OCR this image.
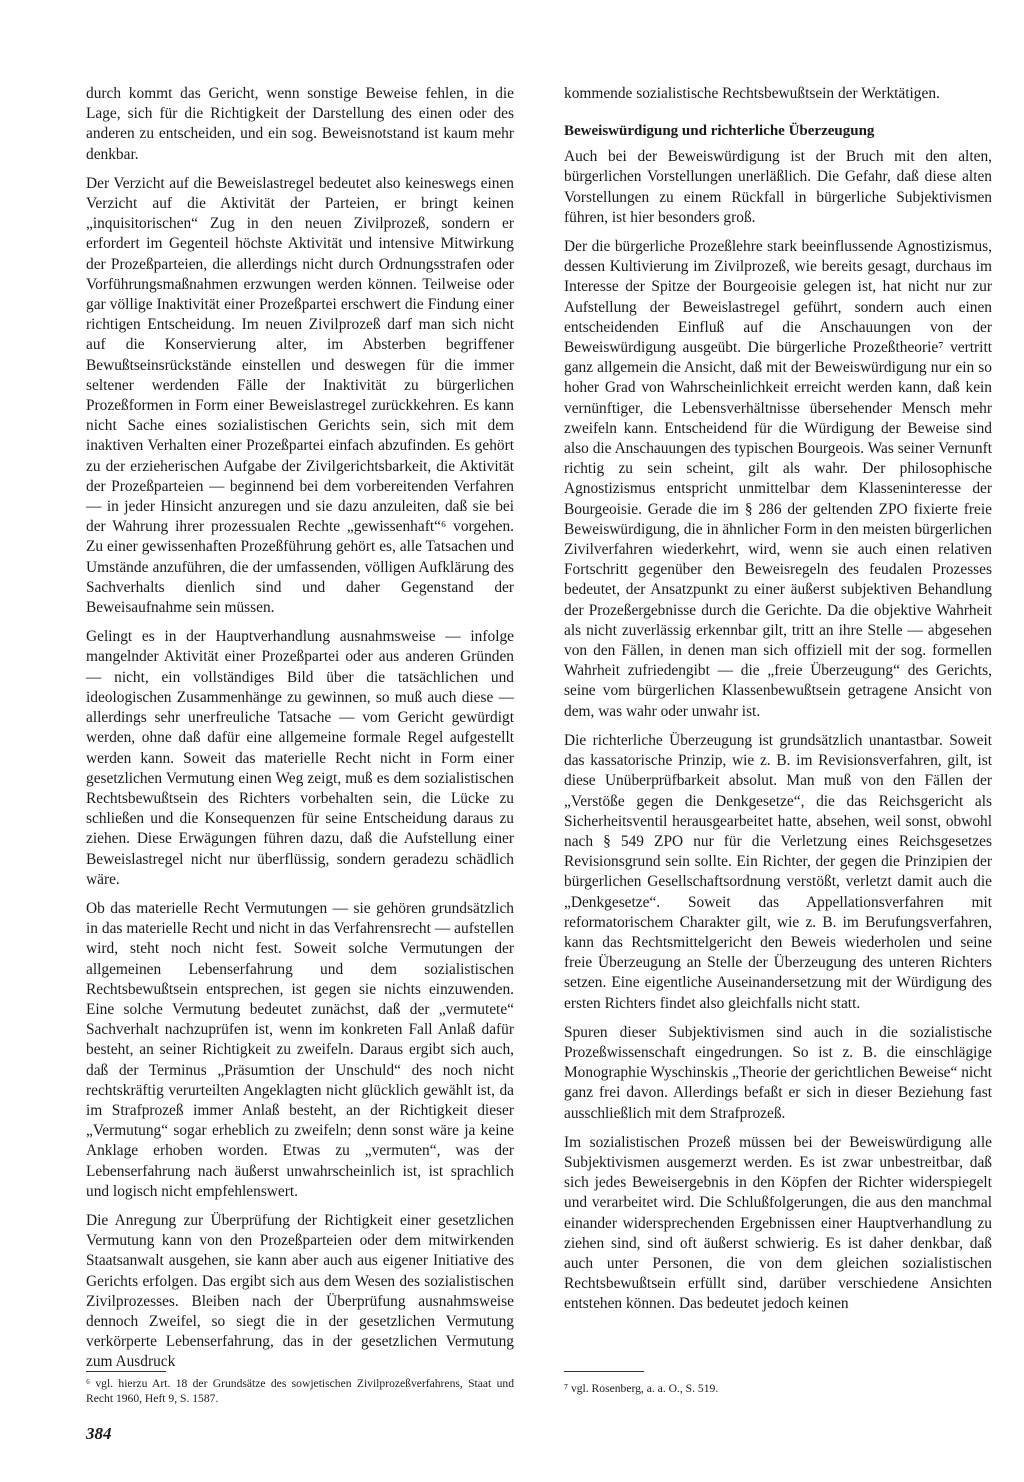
durch kommt das Gericht, wenn sonstige Beweise fehlen, in die Lage, sich für die Richtigkeit der Darstellung des einen oder des anderen zu entscheiden, und ein sog. Beweisnotstand ist kaum mehr denkbar.

Der Verzicht auf die Beweislastregel bedeutet also keineswegs einen Verzicht auf die Aktivität der Parteien, er bringt keinen „inquisitorischen“ Zug in den neuen Zivilprozeß, sondern er erfordert im Gegenteil höchste Aktivität und intensive Mitwirkung der Prozeßparteien, die allerdings nicht durch Ordnungsstrafen oder Vorführungsmaßnahmen erzwungen werden können. Teilweise oder gar völlige Inaktivität einer Prozeßpartei erschwert die Findung einer richtigen Entscheidung. Im neuen Zivilprozeß darf man sich nicht auf die Konservierung alter, im Absterben begriffener Bewußtseinsrückstände einstellen und deswegen für die immer seltener werdenden Fälle der Inaktivität zu bürgerlichen Prozeßformen in Form einer Beweislastregel zurückkehren. Es kann nicht Sache eines sozialistischen Gerichts sein, sich mit dem inaktiven Verhalten einer Prozeßpartei einfach abzufinden. Es gehört zu der erzieherischen Aufgabe der Zivilgerichtsbarkeit, die Aktivität der Prozeßparteien — beginnend bei dem vorbereitenden Verfahren — in jeder Hinsicht anzuregen und sie dazu anzuleiten, daß sie bei der Wahrung ihrer prozessualen Rechte „gewissenhaft“⁶ vorgehen. Zu einer gewissenhaften Prozeßführung gehört es, alle Tatsachen und Umstände anzuführen, die der umfassenden, völligen Aufklärung des Sachverhalts dienlich sind und daher Gegenstand der Beweisaufnahme sein müssen.

Gelingt es in der Hauptverhandlung ausnahmsweise — infolge mangelnder Aktivität einer Prozeßpartei oder aus anderen Gründen — nicht, ein vollständiges Bild über die tatsächlichen und ideologischen Zusammenhänge zu gewinnen, so muß auch diese — allerdings sehr unerfreuliche Tatsache — vom Gericht gewürdigt werden, ohne daß dafür eine allgemeine formale Regel aufgestellt werden kann. Soweit das materielle Recht nicht in Form einer gesetzlichen Vermutung einen Weg zeigt, muß es dem sozialistischen Rechtsbewußtsein des Richters vorbehalten sein, die Lücke zu schließen und die Konsequenzen für seine Entscheidung daraus zu ziehen. Diese Erwägungen führen dazu, daß die Aufstellung einer Beweislastregel nicht nur überflüssig, sondern geradezu schädlich wäre.

Ob das materielle Recht Vermutungen — sie gehören grundsätzlich in das materielle Recht und nicht in das Verfahrensrecht — aufstellen wird, steht noch nicht fest. Soweit solche Vermutungen der allgemeinen Lebenserfahrung und dem sozialistischen Rechtsbewußtsein entsprechen, ist gegen sie nichts einzuwenden. Eine solche Vermutung bedeutet zunächst, daß der „vermutete“ Sachverhalt nachzuprüfen ist, wenn im konkreten Fall Anlaß dafür besteht, an seiner Richtigkeit zu zweifeln. Daraus ergibt sich auch, daß der Terminus „Präsumtion der Unschuld“ des noch nicht rechtskräftig verurteilten Angeklagten nicht glücklich gewählt ist, da im Strafprozeß immer Anlaß besteht, an der Richtigkeit dieser „Vermutung“ sogar erheblich zu zweifeln; denn sonst wäre ja keine Anklage erhoben worden. Etwas zu „vermuten“, was der Lebenserfahrung nach äußerst unwahrscheinlich ist, ist sprachlich und logisch nicht empfehlenswert.

Die Anregung zur Überprüfung der Richtigkeit einer gesetzlichen Vermutung kann von den Prozeßparteien oder dem mitwirkenden Staatsanwalt ausgehen, sie kann aber auch aus eigener Initiative des Gerichts erfolgen. Das ergibt sich aus dem Wesen des sozialistischen Zivilprozesses. Bleiben nach der Überprüfung ausnahmsweise dennoch Zweifel, so siegt die in der gesetzlichen Vermutung verkörperte Lebenserfahrung, das in der gesetzlichen Vermutung zum Ausdruck

kommende sozialistische Rechtsbewußtsein der Werktätigen.

Beweiswürdigung und richterliche Überzeugung

Auch bei der Beweiswürdigung ist der Bruch mit den alten, bürgerlichen Vorstellungen unerläßlich. Die Gefahr, daß diese alten Vorstellungen zu einem Rückfall in bürgerliche Subjektivismen führen, ist hier besonders groß.

Der die bürgerliche Prozeßlehre stark beeinflussende Agnostizismus, dessen Kultivierung im Zivilprozeß, wie bereits gesagt, durchaus im Interesse der Spitze der Bourgeoisie gelegen ist, hat nicht nur zur Aufstellung der Beweislastregel geführt, sondern auch einen entscheidenden Einfluß auf die Anschauungen von der Beweiswürdigung ausgeübt. Die bürgerliche Prozeßtheorie⁷ vertritt ganz allgemein die Ansicht, daß mit der Beweiswürdigung nur ein so hoher Grad von Wahrscheinlichkeit erreicht werden kann, daß kein vernünftiger, die Lebensverhältnisse übersehender Mensch mehr zweifeln kann. Entscheidend für die Würdigung der Beweise sind also die Anschauungen des typischen Bourgeois. Was seiner Vernunft richtig zu sein scheint, gilt als wahr. Der philosophische Agnostizismus entspricht unmittelbar dem Klasseninteresse der Bourgeoisie. Gerade die im § 286 der geltenden ZPO fixierte freie Beweiswürdigung, die in ähnlicher Form in den meisten bürgerlichen Zivilverfahren wiederkehrt, wird, wenn sie auch einen relativen Fortschritt gegenüber den Beweisregeln des feudalen Prozesses bedeutet, der Ansatzpunkt zu einer äußerst subjektiven Behandlung der Prozeßergebnisse durch die Gerichte. Da die objektive Wahrheit als nicht zuverlässig erkennbar gilt, tritt an ihre Stelle — abgesehen von den Fällen, in denen man sich offiziell mit der sog. formellen Wahrheit zufriedengibt — die „freie Überzeugung“ des Gerichts, seine vom bürgerlichen Klassenbewußtsein getragene Ansicht von dem, was wahr oder unwahr ist.

Die richterliche Überzeugung ist grundsätzlich unantastbar. Soweit das kassatorische Prinzip, wie z. B. im Revisionsverfahren, gilt, ist diese Unüberprüfbarkeit absolut. Man muß von den Fällen der „Verstöße gegen die Denkgesetze“, die das Reichsgericht als Sicherheitsventil herausgearbeitet hatte, absehen, weil sonst, obwohl nach § 549 ZPO nur für die Verletzung eines Reichsgesetzes Revisionsgrund sein sollte. Ein Richter, der gegen die Prinzipien der bürgerlichen Gesellschaftsordnung verstößt, verletzt damit auch die „Denkgesetze“. Soweit das Appellationsverfahren mit reformatorischem Charakter gilt, wie z. B. im Berufungsverfahren, kann das Rechtsmittelgericht den Beweis wiederholen und seine freie Überzeugung an Stelle der Überzeugung des unteren Richters setzen. Eine eigentliche Auseinandersetzung mit der Würdigung des ersten Richters findet also gleichfalls nicht statt.

Spuren dieser Subjektivismen sind auch in die sozialistische Prozeßwissenschaft eingedrungen. So ist z. B. die einschlägige Monographie Wyschinskis „Theorie der gerichtlichen Beweise“ nicht ganz frei davon. Allerdings befaßt er sich in dieser Beziehung fast ausschließlich mit dem Strafprozeß.

Im sozialistischen Prozeß müssen bei der Beweiswürdigung alle Subjektivismen ausgemerzt werden. Es ist zwar unbestreitbar, daß sich jedes Beweisergebnis in den Köpfen der Richter widerspiegelt und verarbeitet wird. Die Schlußfolgerungen, die aus den manchmal einander widersprechenden Ergebnissen einer Hauptverhandlung zu ziehen sind, sind oft äußerst schwierig. Es ist daher denkbar, daß auch unter Personen, die von dem gleichen sozialistischen Rechtsbewußtsein erfüllt sind, darüber verschiedene Ansichten entstehen können. Das bedeutet jedoch keinen

⁶ vgl. hierzu Art. 18 der Grundsätze des sowjetischen Zivilprozeßverfahrens, Staat und Recht 1960, Heft 9, S. 1587.
⁷ vgl. Rosenberg, a. a. O., S. 519.
384
